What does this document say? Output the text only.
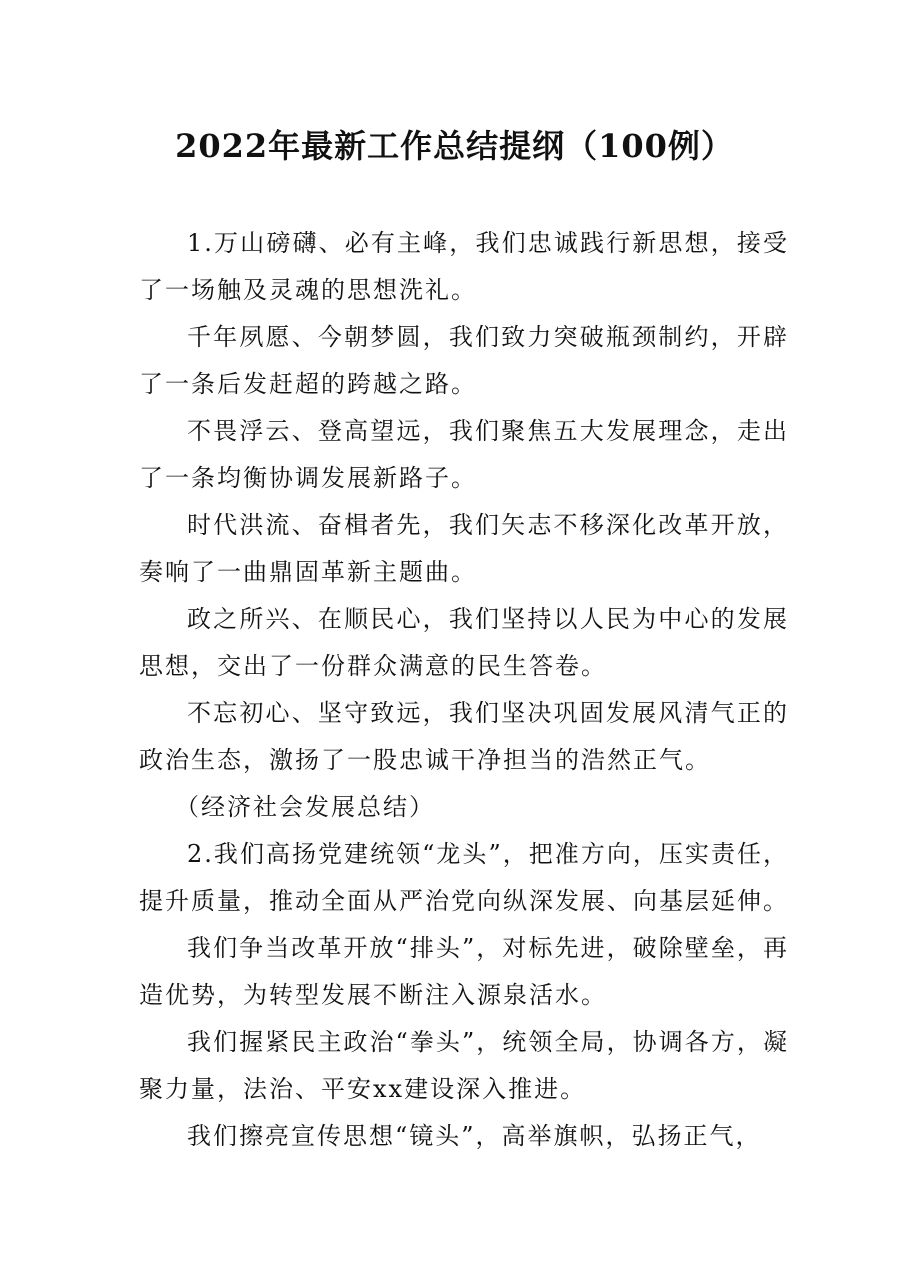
2022年最新工作总结提纲（100例）

1.万山磅礴、必有主峰，我们忠诚践行新思想，接受了一场触及灵魂的思想洗礼。

千年夙愿、今朝梦圆，我们致力突破瓶颈制约，开辟了一条后发赶超的跨越之路。

不畏浮云、登高望远，我们聚焦五大发展理念，走出了一条均衡协调发展新路子。

时代洪流、奋楫者先，我们矢志不移深化改革开放，奏响了一曲鼎固革新主题曲。

政之所兴、在顺民心，我们坚持以人民为中心的发展思想，交出了一份群众满意的民生答卷。

不忘初心、坚守致远，我们坚决巩固发展风清气正的政治生态，激扬了一股忠诚干净担当的浩然正气。

（经济社会发展总结）

2.我们高扬党建统领“龙头”，把准方向，压实责任，提升质量，推动全面从严治党向纵深发展、向基层延伸。

我们争当改革开放“排头”，对标先进，破除壁垒，再造优势，为转型发展不断注入源泉活水。

我们握紧民主政治“拳头”，统领全局，协调各方，凝聚力量，法治、平安xx建设深入推进。

我们擦亮宣传思想“镜头”，高举旗帜，弘扬正气，
